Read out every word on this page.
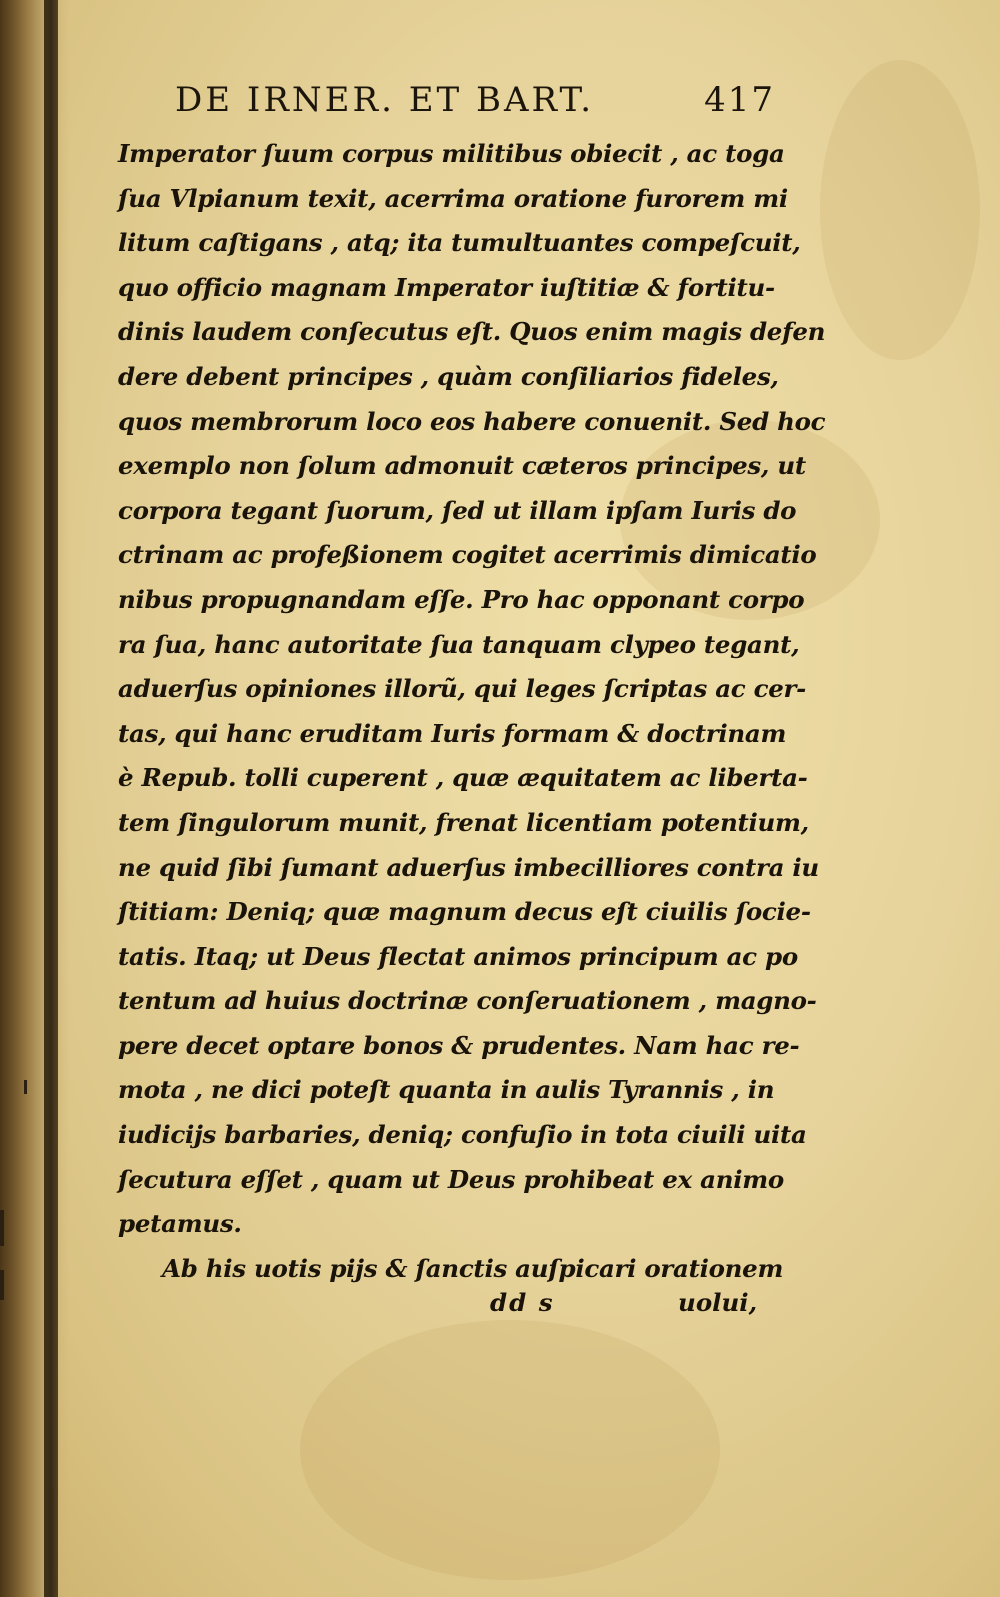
DE IRNER. ET BART.	417
Imperator ſuum corpus militibus obiecit , ac toga
ſua Vlpianum texit, acerrima oratione furorem mi
litum caſtigans , atq; ita tumultuantes compeſcuit,
quo officio magnam Imperator iuſtitiæ & fortitu-
dinis laudem conſecutus eſt. Quos enim magis defen
dere debent principes , quàm conſiliarios fideles,
quos membrorum loco eos habere conuenit. Sed hoc
exemplo non ſolum admonuit cæteros principes, ut
corpora tegant ſuorum, ſed ut illam ipſam Iuris do
ctrinam ac profeßionem cogitet acerrimis dimicatio
nibus propugnandam eſſe. Pro hac opponant corpo
ra ſua, hanc autoritate ſua tanquam clypeo tegant,
aduerſus opiniones illorũ, qui leges ſcriptas ac cer-
tas, qui hanc eruditam Iuris formam & doctrinam
è Repub. tolli cuperent , quæ æquitatem ac liberta-
tem ſingulorum munit, frenat licentiam potentium,
ne quid ſibi ſumant aduerſus imbecilliores contra iu
ſtitiam: Deniq; quæ magnum decus eſt ciuilis ſocie-
tatis. Itaq; ut Deus flectat animos principum ac po
tentum ad huius doctrinæ conſeruationem , magno-
pere decet optare bonos & prudentes. Nam hac re-
mota , ne dici poteſt quanta in aulis Tyrannis , in
iudicijs barbaries, deniq; confuſio in tota ciuili uita
ſecutura eſſet , quam ut Deus prohibeat ex animo
petamus.
Ab his uotis pijs & ſanctis auſpicari orationem
dd s	uolui,
